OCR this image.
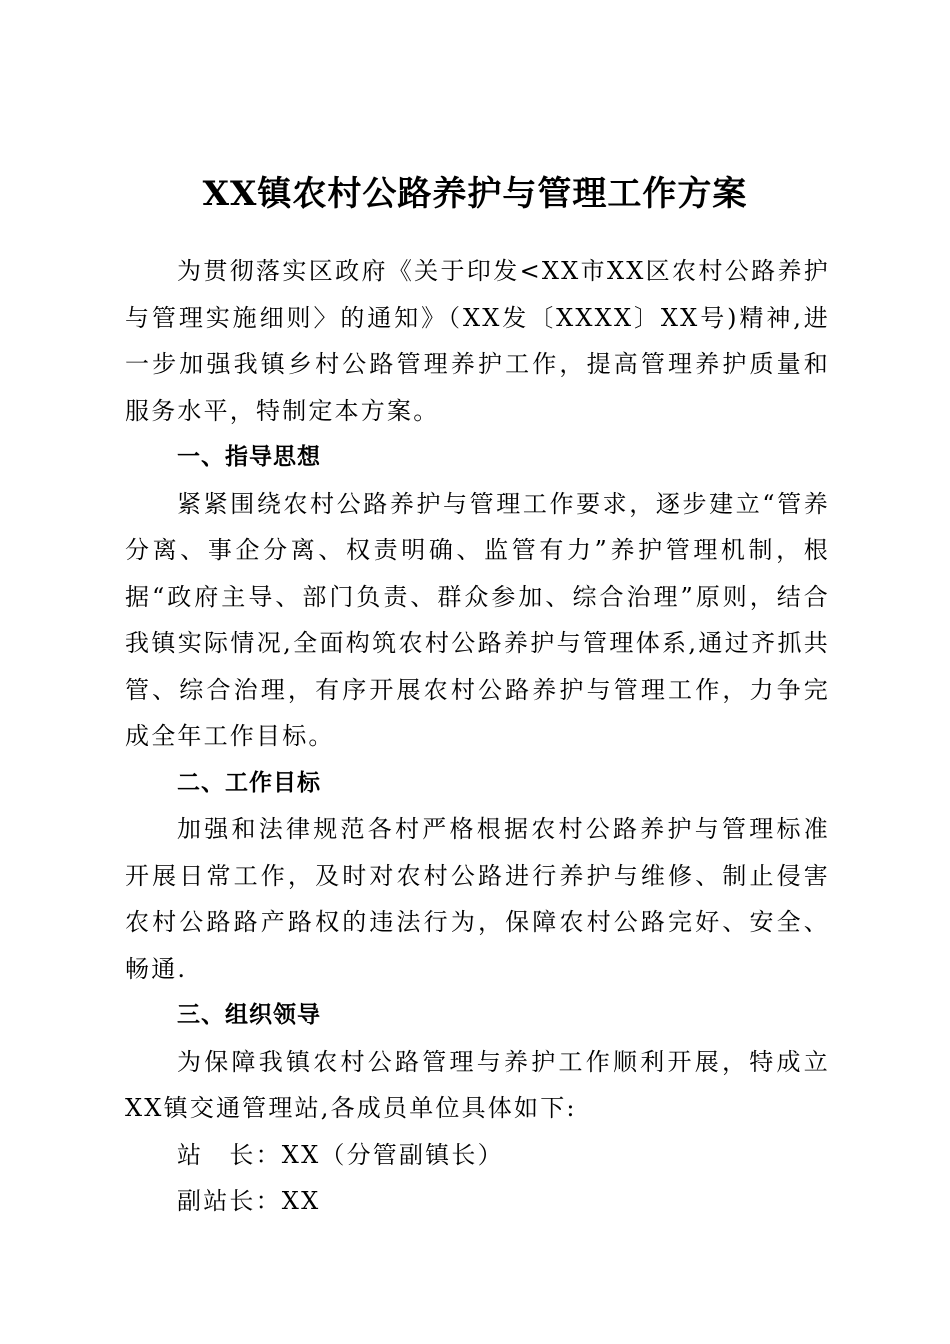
XX镇农村公路养护与管理工作方案

为贯彻落实区政府《关于印发<XX市XX区农村公路养护与管理实施细则〉的通知》（XX发〔XXXX〕XX号)精神,进一步加强我镇乡村公路管理养护工作，提高管理养护质量和服务水平，特制定本方案。

一、指导思想

紧紧围绕农村公路养护与管理工作要求，逐步建立“管养分离、事企分离、权责明确、监管有力”养护管理机制，根据“政府主导、部门负责、群众参加、综合治理”原则，结合我镇实际情况,全面构筑农村公路养护与管理体系,通过齐抓共管、综合治理，有序开展农村公路养护与管理工作，力争完成全年工作目标。

二、工作目标

加强和法律规范各村严格根据农村公路养护与管理标准开展日常工作，及时对农村公路进行养护与维修、制止侵害农村公路路产路权的违法行为，保障农村公路完好、安全、畅通.

三、组织领导

为保障我镇农村公路管理与养护工作顺利开展，特成立XX镇交通管理站,各成员单位具体如下:

站　长：XX（分管副镇长）

副站长：XX
